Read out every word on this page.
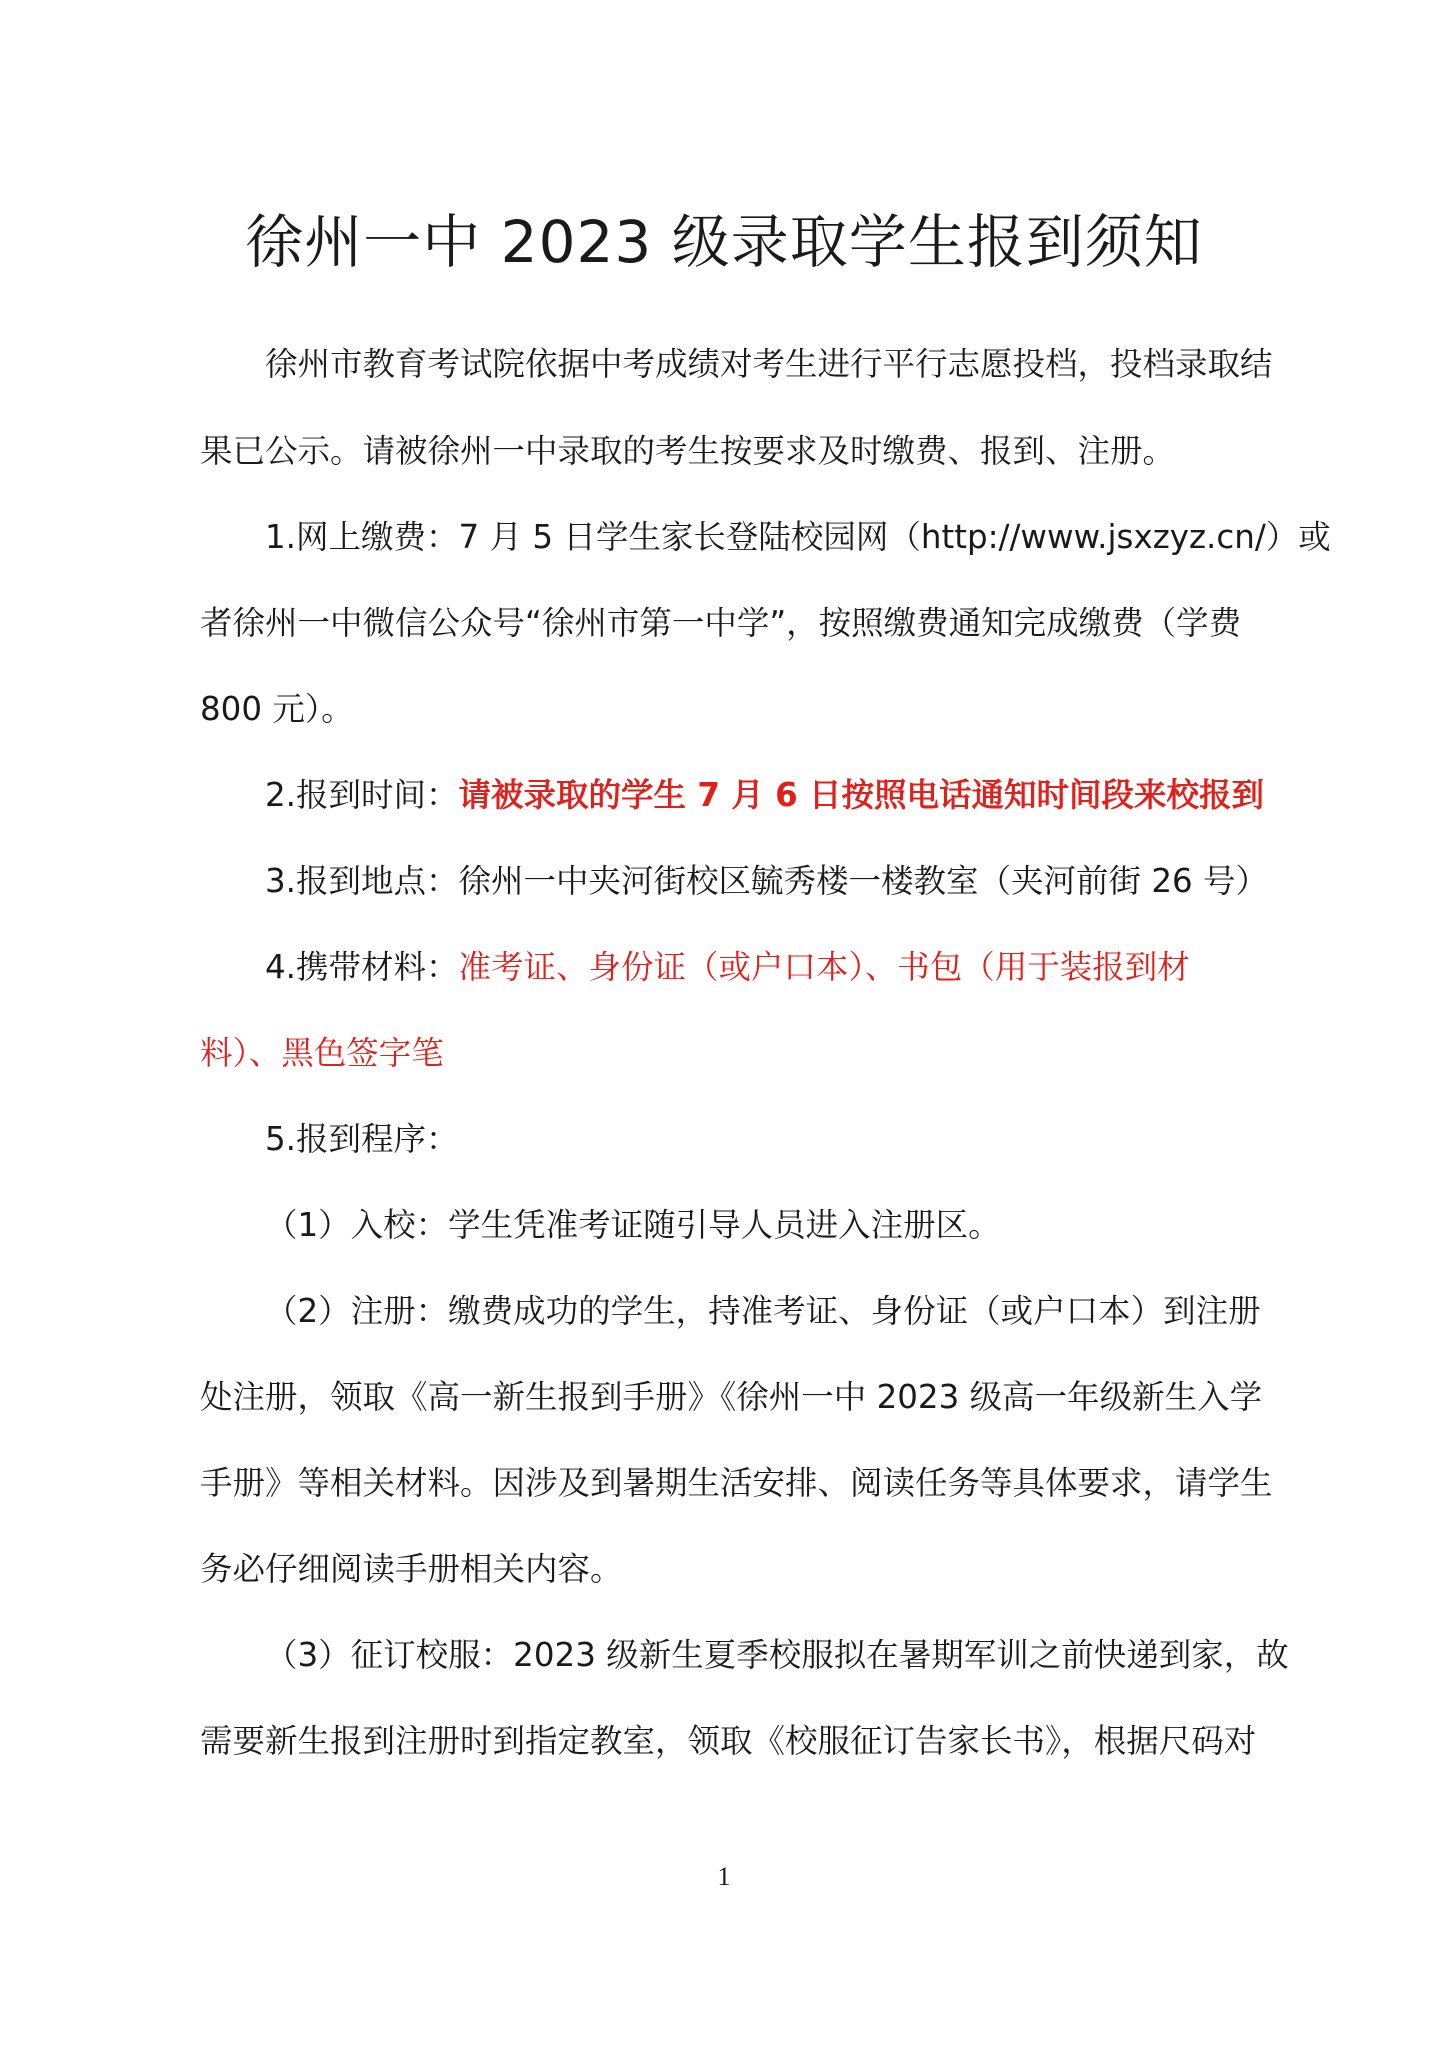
徐州一中 2023 级录取学生报到须知
徐州市教育考试院依据中考成绩对考生进行平行志愿投档，投档录取结
果已公示。请被徐州一中录取的考生按要求及时缴费、报到、注册。
1.网上缴费：7 月 5 日学生家长登陆校园网（http://www.jsxzyz.cn/）或
者徐州一中微信公众号“徐州市第一中学”，按照缴费通知完成缴费（学费
800 元）。
2.报到时间：请被录取的学生 7 月 6 日按照电话通知时间段来校报到
3.报到地点：徐州一中夹河街校区毓秀楼一楼教室（夹河前街 26 号）
4.携带材料：准考证、身份证（或户口本）、书包（用于装报到材
料）、黑色签字笔
5.报到程序：
（1）入校：学生凭准考证随引导人员进入注册区。
（2）注册：缴费成功的学生，持准考证、身份证（或户口本）到注册
处注册，领取《高一新生报到手册》《徐州一中 2023 级高一年级新生入学
手册》等相关材料。因涉及到暑期生活安排、阅读任务等具体要求，请学生
务必仔细阅读手册相关内容。
（3）征订校服：2023 级新生夏季校服拟在暑期军训之前快递到家，故
需要新生报到注册时到指定教室，领取《校服征订告家长书》，根据尺码对
1
